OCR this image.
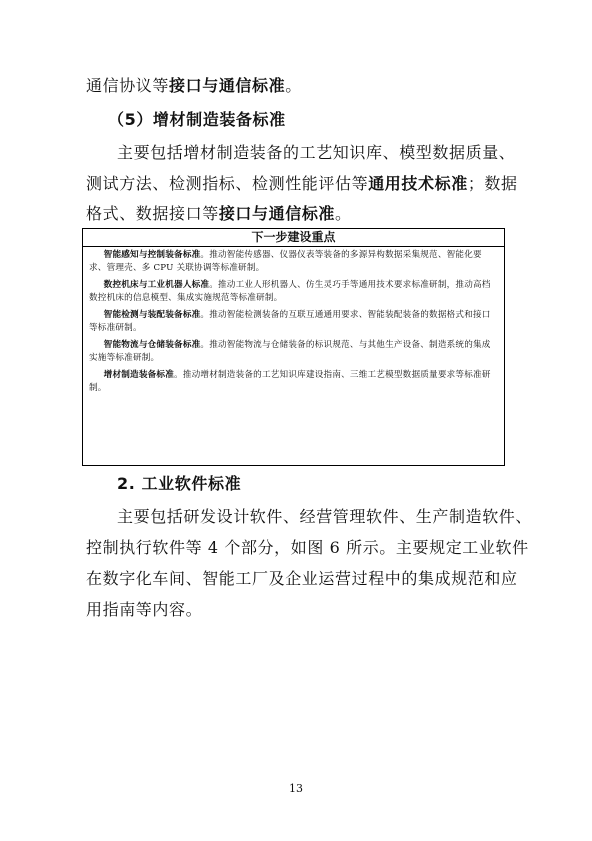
通信协议等接口与通信标准。
（5）增材制造装备标准
主要包括增材制造装备的工艺知识库、模型数据质量、
测试方法、检测指标、检测性能评估等通用技术标准；数据
格式、数据接口等接口与通信标准。
下一步建设重点
智能感知与控制装备标准。推动智能传感器、仪器仪表等装备的多源异构数据采集规范、智能化要求、管理壳、多 CPU 关联协调等标准研制。
数控机床与工业机器人标准。推动工业人形机器人、仿生灵巧手等通用技术要求标准研制，推动高档数控机床的信息模型、集成实施规范等标准研制。
智能检测与装配装备标准。推动智能检测装备的互联互通通用要求、智能装配装备的数据格式和接口等标准研制。
智能物流与仓储装备标准。推动智能物流与仓储装备的标识规范、与其他生产设备、制造系统的集成实施等标准研制。
增材制造装备标准。推动增材制造装备的工艺知识库建设指南、三维工艺模型数据质量要求等标准研制。
2. 工业软件标准
主要包括研发设计软件、经营管理软件、生产制造软件、
控制执行软件等 4 个部分，如图 6 所示。主要规定工业软件
在数字化车间、智能工厂及企业运营过程中的集成规范和应
用指南等内容。
13
